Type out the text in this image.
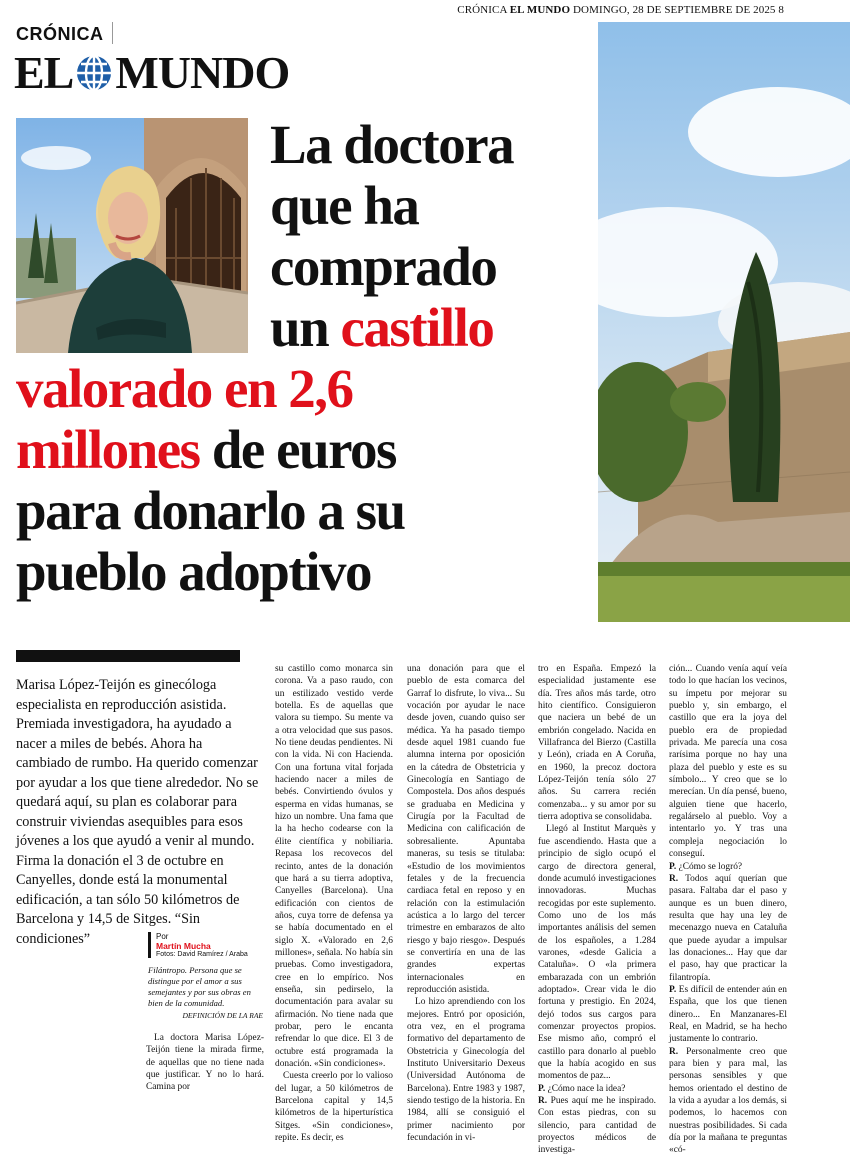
CRÓNICA EL MUNDO DOMINGO, 28 DE SEPTIEMBRE DE 2025 8
CRÓNICA
EL MUNDO
La doctora
que ha
comprado
un castillo
valorado en 2,6
millones de euros
para donarlo a su
pueblo adoptivo
Marisa López-Teijón es ginecóloga especialista en reproducción asistida. Premiada investigadora, ha ayudado a nacer a miles de bebés. Ahora ha cambiado de rumbo. Ha querido comenzar por ayudar a los que tiene alrededor. No se quedará aquí, su plan es colaborar para construir viviendas asequibles para esos jóvenes a los que ayudó a venir al mundo. Firma la donación el 3 de octubre en Canyelles, donde está la monumental edificación, a tan sólo 50 kilómetros de Barcelona y 14,5 de Sitges. “Sin condiciones”	Por
Martín Mucha
Fotos: David Ramírez / Araba
Filántropo. Persona que se distingue por el amor a sus semejantes y por sus obras en bien de la comunidad.
DEFINICIÓN DE LA RAE

La doctora Marisa López-Teijón tiene la mirada firme, de aquellas que no tiene nada que justificar. Y no lo hará. Camina por

su castillo como monarca sin corona. Va a paso raudo, con un estilizado vestido verde botella. Es de aquellas que valora su tiempo. Su mente va a otra velocidad que sus pasos. No tiene deudas pendientes. Ni con la vida. Ni con Hacienda. Con una fortuna vital forjada haciendo nacer a miles de bebés. Convirtiendo óvulos y esperma en vidas humanas, se hizo un nombre. Una fama que la ha hecho codearse con la élite científica y nobiliaria. Repasa los recovecos del recinto, antes de la donación que hará a su tierra adoptiva, Canyelles (Barcelona). Una edificación con cientos de años, cuya torre de defensa ya se había documentado en el siglo X. «Valorado en 2,6 millones», señala. No había sin pruebas. Como investigadora, cree en lo empírico. Nos enseña, sin pedirselo, la documentación para avalar su afirmación. No tiene nada que probar, pero le encanta refrendar lo que dice. El 3 de octubre está programada la donación. «Sin condiciones».

Cuesta creerlo por lo valioso del lugar, a 50 kilómetros de Barcelona capital y 14,5 kilómetros de la hiperturística Sitges. «Sin condiciones», repite. Es decir, es

una donación para que el pueblo de esta comarca del Garraf lo disfrute, lo viva... Su vocación por ayudar le nace desde joven, cuando quiso ser médica. Ya ha pasado tiempo desde aquel 1981 cuando fue alumna interna por oposición en la cátedra de Obstetricia y Ginecología en Santiago de Compostela. Dos años después se graduaba en Medicina y Cirugía por la Facultad de Medicina con calificación de sobresaliente. Apuntaba maneras, su tesis se titulaba: «Estudio de los movimientos fetales y de la frecuencia cardiaca fetal en reposo y en relación con la estimulación acústica a lo largo del tercer trimestre en embarazos de alto riesgo y bajo riesgo». Después se convertiría en una de las grandes expertas internacionales en reproducción asistida.

Lo hizo aprendiendo con los mejores. Entró por oposición, otra vez, en el programa formativo del departamento de Obstetricia y Ginecología del Instituto Universitario Dexeus (Universidad Autónoma de Barcelona). Entre 1983 y 1987, siendo testigo de la historia. En 1984, allí se consiguió el primer nacimiento por fecundación in vi-

tro en España. Empezó la especialidad justamente ese día. Tres años más tarde, otro hito científico. Consiguieron que naciera un bebé de un embrión congelado. Nacida en Villafranca del Bierzo (Castilla y León), criada en A Coruña, en 1960, la precoz doctora López-Teijón tenía sólo 27 años. Su carrera recién comenzaba... y su amor por su tierra adoptiva se consolidaba.

Llegó al Institut Marquès y fue ascendiendo. Hasta que a principio de siglo ocupó el cargo de directora general, donde acumuló investigaciones innovadoras. Muchas recogidas por este suplemento. Como uno de los más importantes análisis del semen de los españoles, a 1.284 varones, «desde Galicia a Cataluña». O «la primera embarazada con un embrión adoptado». Crear vida le dio fortuna y prestigio. En 2024, dejó todos sus cargos para comenzar proyectos propios. Ese mismo año, compró el castillo para donarlo al pueblo que la había acogido en sus momentos de paz...

P. ¿Cómo nace la idea?

R. Pues aquí me he inspirado. Con estas piedras, con su silencio, para cantidad de proyectos médicos de investiga-

ción... Cuando venía aquí veía todo lo que hacían los vecinos, su ímpetu por mejorar su pueblo y, sin embargo, el castillo que era la joya del pueblo era de propiedad privada. Me parecía una cosa rarísima porque no hay una plaza del pueblo y este es su símbolo... Y creo que se lo merecían. Un día pensé, bueno, alguien tiene que hacerlo, regalárselo al pueblo. Voy a intentarlo yo. Y tras una compleja negociación lo conseguí.

P. ¿Cómo se logró?

R. Todos aquí querían que pasara. Faltaba dar el paso y aunque es un buen dinero, resulta que hay una ley de mecenazgo nueva en Cataluña que puede ayudar a impulsar las donaciones... Hay que dar el paso, hay que practicar la filantropía.

P. Es difícil de entender aún en España, que los que tienen dinero... En Manzanares-El Real, en Madrid, se ha hecho justamente lo contrario.

R. Personalmente creo que para bien y para mal, las personas sensibles y que hemos orientado el destino de la vida a ayudar a los demás, si podemos, lo hacemos con nuestras posibilidades. Si cada día por la mañana te preguntas «có-
